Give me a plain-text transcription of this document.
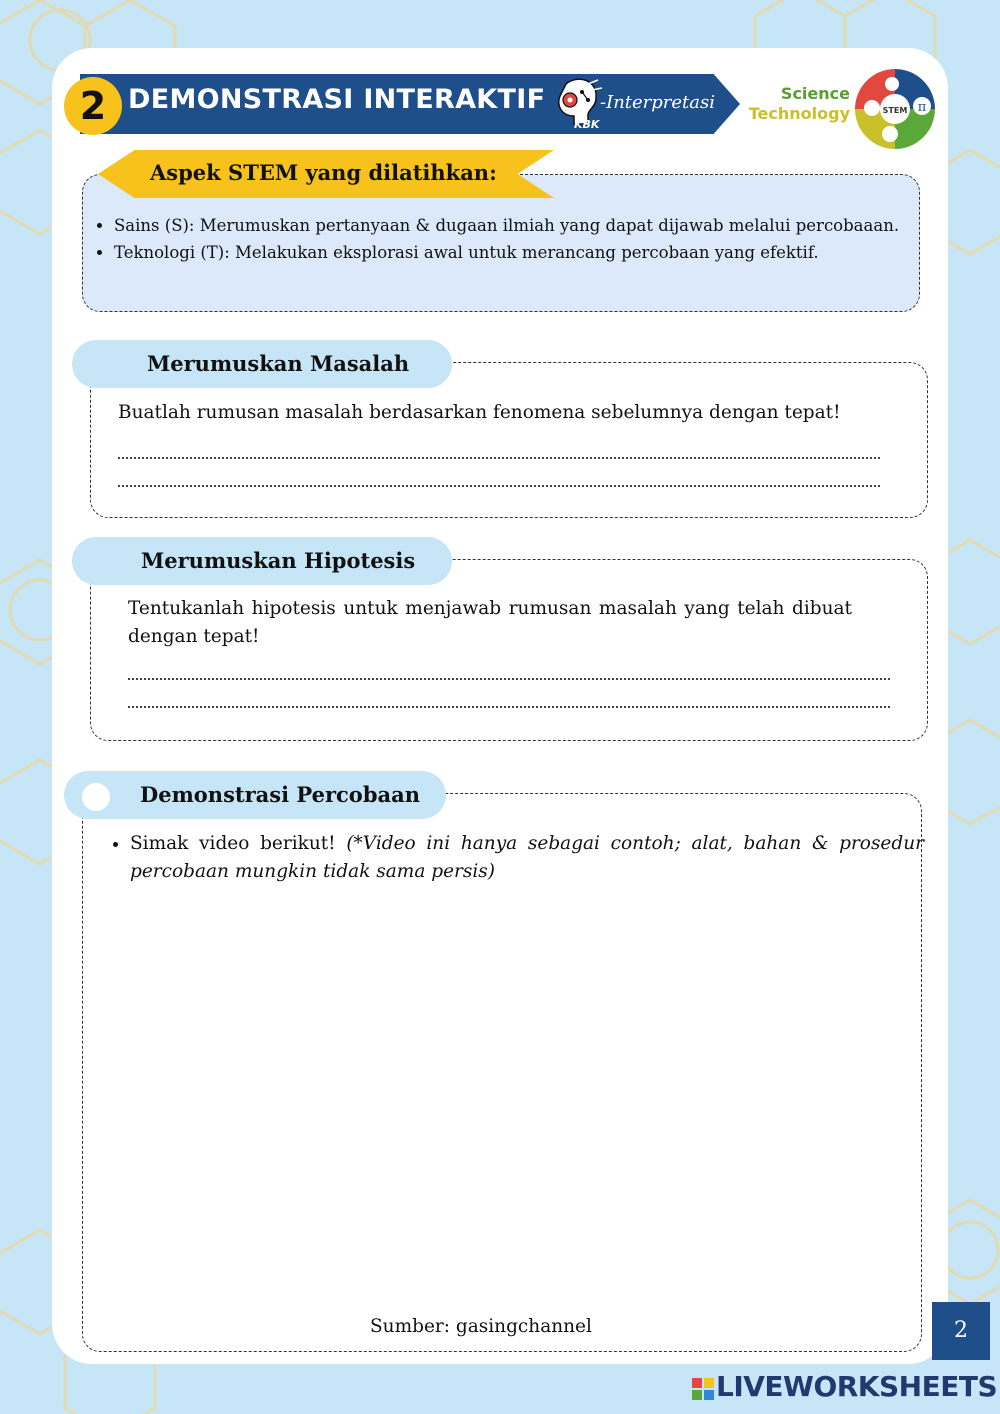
2 DEMONSTRASI INTERAKTIF
KBK
-Interpretasi	Science
Technology	STEM π
Aspek STEM yang dilatihkan:
• Sains (S): Merumuskan pertanyaan & dugaan ilmiah yang dapat dijawab melalui percobaaan.
• Teknologi (T): Melakukan eksplorasi awal untuk merancang percobaan yang efektif.
Merumuskan Masalah
Buatlah rumusan masalah berdasarkan fenomena sebelumnya dengan tepat!
Merumuskan Hipotesis
Tentukanlah hipotesis untuk menjawab rumusan masalah yang telah dibuat dengan tepat!
Demonstrasi Percobaan
• Simak video berikut! (*Video ini hanya sebagai contoh; alat, bahan & prosedur percobaan mungkin tidak sama persis)
Sumber: gasingchannel	2
LIVEWORKSHEETS
